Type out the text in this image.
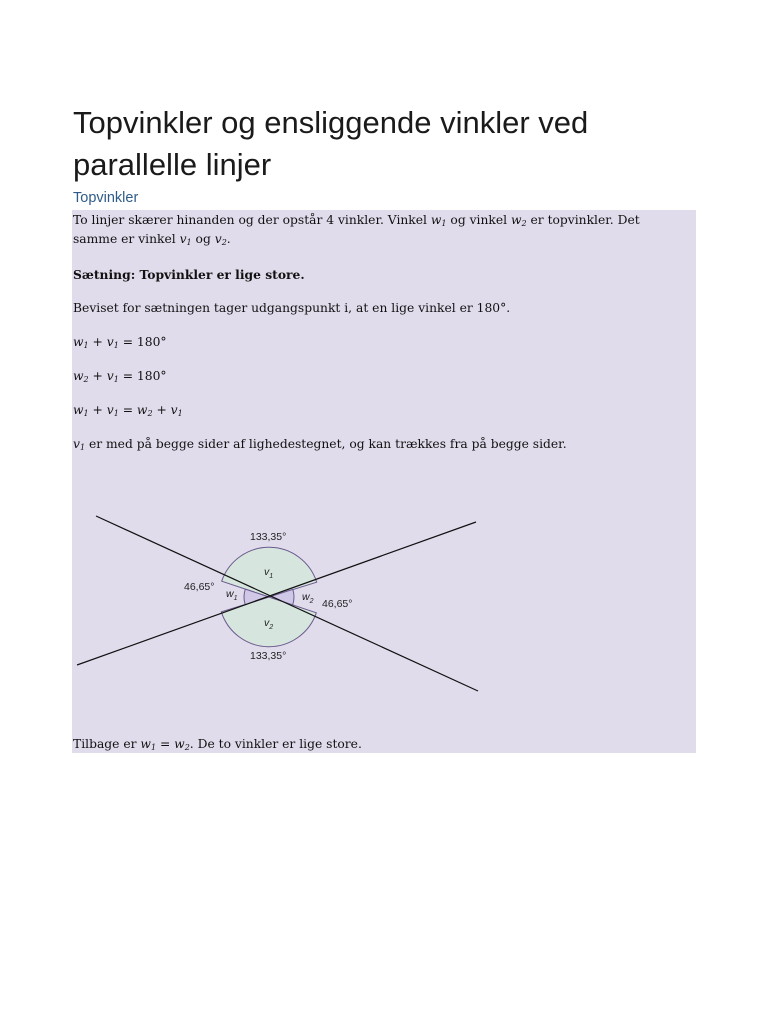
Topvinkler og ensliggende vinkler ved parallelle linjer
Topvinkler
To linjer skærer hinanden og der opstår 4 vinkler. Vinkel $w_1$ og vinkel $w_2$ er topvinkler. Det
samme er vinkel $v_1$ og $v_2$.
Sætning: Topvinkler er lige store.
Beviset for sætningen tager udgangspunkt i, at en lige vinkel er 180°.
$w_1 + v_1 = 180^\circ$
$w_2 + v_1 = 180^\circ$
$w_1 + v_1 = w_2 + v_1$
$v_1$ er med på begge sider af lighedestegnet, og kan trækkes fra på begge sider.
133,35°
133,35°
46,65°
46,65°
$v_1$
$v_2$
$w_1$	$w_2$
Tilbage er $w_1 = w_2$. De to vinkler er lige store.
